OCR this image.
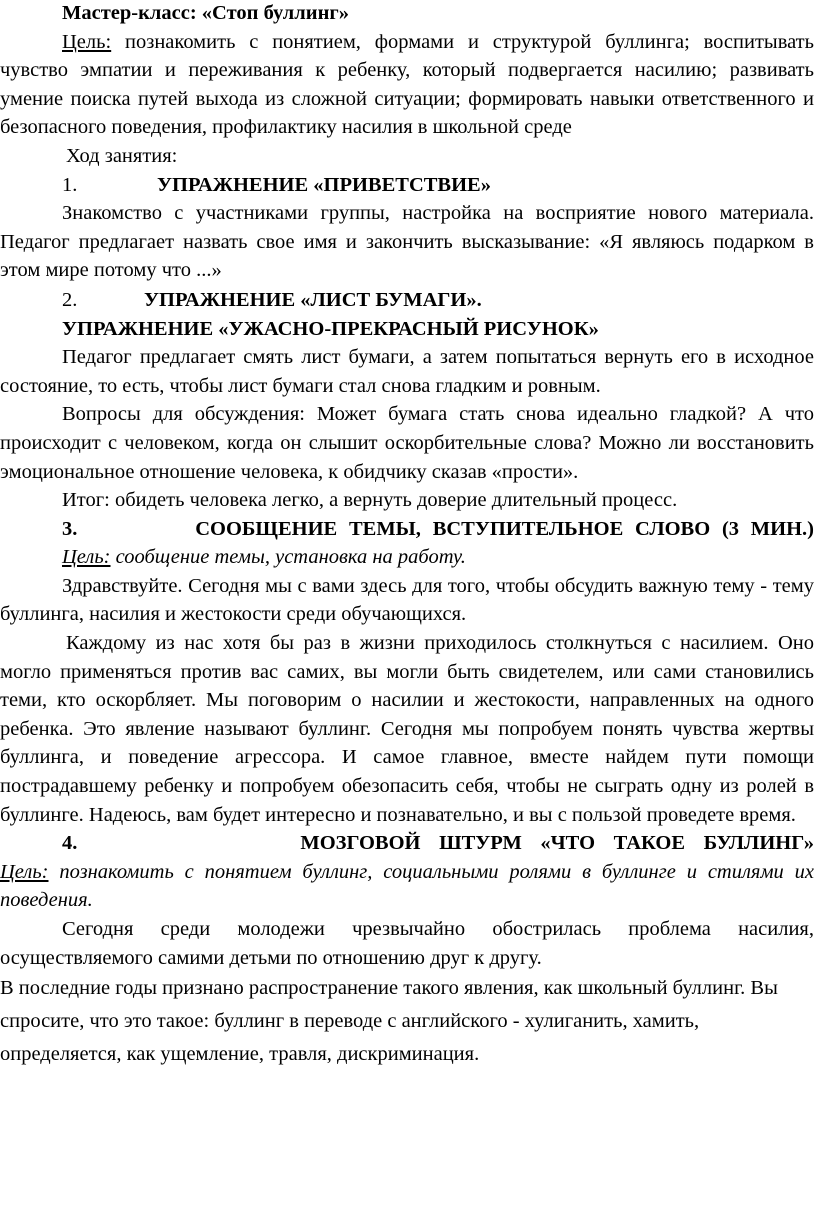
Мастер-класс: «Стоп буллинг»

Цель: познакомить с понятием, формами и структурой буллинга; воспитывать чувство эмпатии и переживания к ребенку, который подвергается насилию; развивать умение поиска путей выхода из сложной ситуации; формировать навыки ответственного и безопасного поведения, профилактику насилия в школьной среде

Ход занятия:
1.	УПРАЖНЕНИЕ «ПРИВЕТСТВИЕ»

Знакомство с участниками группы, настройка на восприятие нового материала. Педагог предлагает назвать свое имя и закончить высказывание: «Я являюсь подарком в этом мире потому что ...»

2.	УПРАЖНЕНИЕ «ЛИСТ БУМАГИ».
УПРАЖНЕНИЕ «УЖАСНО-ПРЕКРАСНЫЙ РИСУНОК»

Педагог предлагает смять лист бумаги, а затем попытаться вернуть его в исходное состояние, то есть, чтобы лист бумаги стал снова гладким и ровным.

Вопросы для обсуждения: Может бумага стать снова идеально гладкой? А что происходит с человеком, когда он слышит оскорбительные слова? Можно ли восстановить эмоциональное отношение человека, к обидчику сказав «прости».

Итог: обидеть человека легко, а вернуть доверие длительный процесс.

3.	СООБЩЕНИЕ ТЕМЫ, ВСТУПИТЕЛЬНОЕ СЛОВО (3 МИН.)

Цель: сообщение темы, установка на работу.

Здравствуйте. Сегодня мы с вами здесь для того, чтобы обсудить важную тему - тему буллинга, насилия и жестокости среди обучающихся.

Каждому из нас хотя бы раз в жизни приходилось столкнуться с насилием. Оно могло применяться против вас самих, вы могли быть свидетелем, или сами становились теми, кто оскорбляет. Мы поговорим о насилии и жестокости, направленных на одного ребенка. Это явление называют буллинг. Сегодня мы попробуем понять чувства жертвы буллинга, и поведение агрессора. И самое главное, вместе найдем пути помощи пострадавшему ребенку и попробуем обезопасить себя, чтобы не сыграть одну из ролей в буллинге. Надеюсь, вам будет интересно и познавательно, и вы с пользой проведете время.

4.	МОЗГОВОЙ ШТУРМ «ЧТО ТАКОЕ БУЛЛИНГ»

Цель: познакомить с понятием буллинг, социальными ролями в буллинге и стилями их поведения.

Сегодня среди молодежи чрезвычайно обострилась проблема насилия, осуществляемого самими детьми по отношению друг к другу.

В последние годы признано распространение такого явления, как школьный буллинг. Вы спросите, что это такое: буллинг в переводе с английского - хулиганить, хамить, определяется, как ущемление, травля, дискриминация.
